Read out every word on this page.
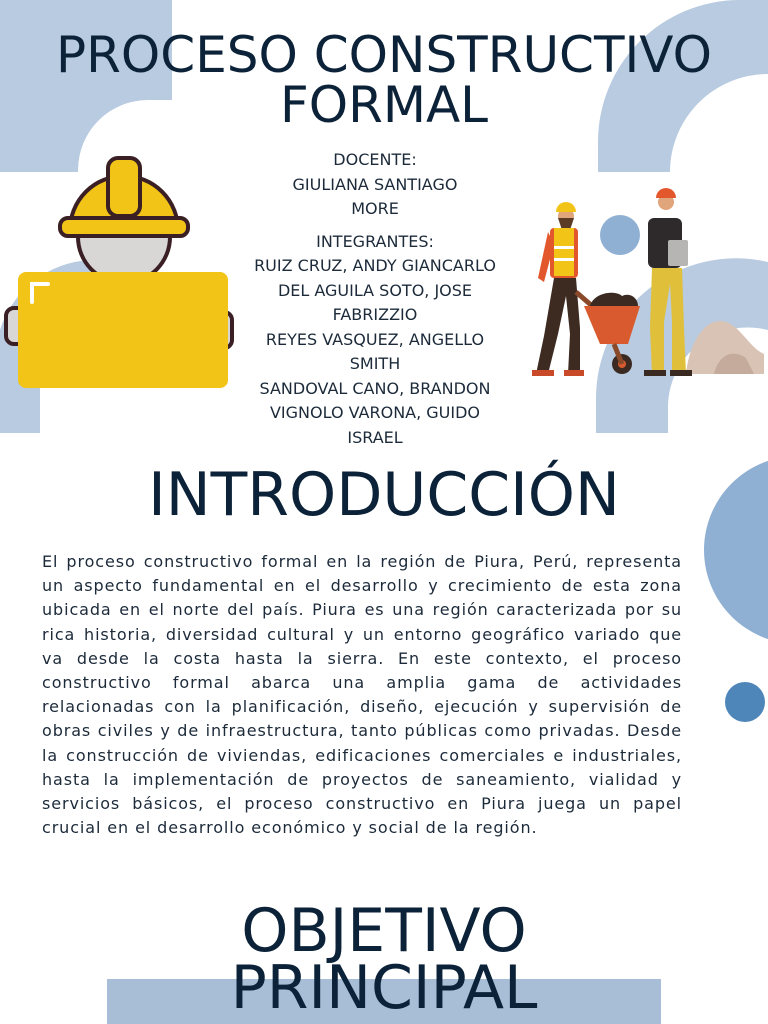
PROCESO CONSTRUCTIVO
FORMAL
DOCENTE:
GIULIANA SANTIAGO
MORE
INTEGRANTES:
RUIZ CRUZ, ANDY GIANCARLO
DEL AGUILA SOTO, JOSE
FABRIZZIO
REYES VASQUEZ, ANGELLO
SMITH
SANDOVAL CANO, BRANDON
VIGNOLO VARONA, GUIDO
ISRAEL
INTRODUCCIÓN

El proceso constructivo formal en la región de Piura, Perú, representa un aspecto fundamental en el desarrollo y crecimiento de esta zona ubicada en el norte del país. Piura es una región caracterizada por su rica historia, diversidad cultural y un entorno geográfico variado que va desde la costa hasta la sierra. En este contexto, el proceso constructivo formal abarca una amplia gama de actividades relacionadas con la planificación, diseño, ejecución y supervisión de obras civiles y de infraestructura, tanto públicas como privadas. Desde la construcción de viviendas, edificaciones comerciales e industriales, hasta la implementación de proyectos de saneamiento, vialidad y servicios básicos, el proceso constructivo en Piura juega un papel crucial en el desarrollo económico y social de la región.

OBJETIVO
PRINCIPAL
